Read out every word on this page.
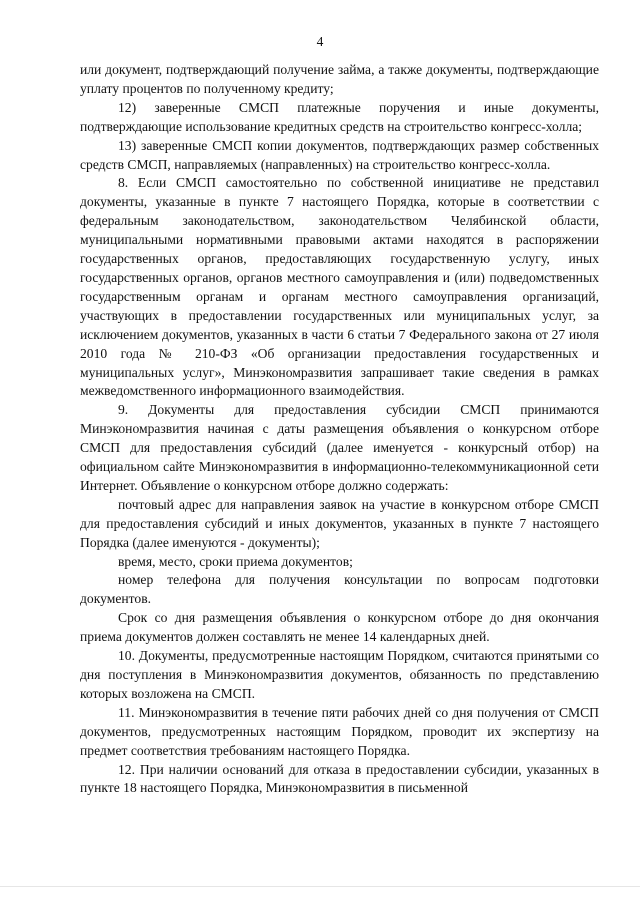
4

или документ, подтверждающий получение займа, а также документы, подтверждающие уплату процентов по полученному кредиту;

12) заверенные СМСП платежные поручения и иные документы, подтверждающие использование кредитных средств на строительство конгресс-холла;

13) заверенные СМСП копии документов, подтверждающих размер собственных средств СМСП, направляемых (направленных) на строительство конгресс-холла.

8. Если СМСП самостоятельно по собственной инициативе не представил документы, указанные в пункте 7 настоящего Порядка, которые в соответствии с федеральным законодательством, законодательством Челябинской области, муниципальными нормативными правовыми актами находятся в распоряжении государственных органов, предоставляющих государственную услугу, иных государственных органов, органов местного самоуправления и (или) подведомственных государственным органам и органам местного самоуправления организаций, участвующих в предоставлении государственных или муниципальных услуг, за исключением документов, указанных в части 6 статьи 7 Федерального закона от 27 июля 2010 года № 210-ФЗ «Об организации предоставления государственных и муниципальных услуг», Минэкономразвития запрашивает такие сведения в рамках межведомственного информационного взаимодействия.

9. Документы для предоставления субсидии СМСП принимаются Минэкономразвития начиная с даты размещения объявления о конкурсном отборе СМСП для предоставления субсидий (далее именуется - конкурсный отбор) на официальном сайте Минэкономразвития в информационно-телекоммуникационной сети Интернет. Объявление о конкурсном отборе должно содержать:

почтовый адрес для направления заявок на участие в конкурсном отборе СМСП для предоставления субсидий и иных документов, указанных в пункте 7 настоящего Порядка (далее именуются - документы);

время, место, сроки приема документов;

номер телефона для получения консультации по вопросам подготовки документов.

Срок со дня размещения объявления о конкурсном отборе до дня окончания приема документов должен составлять не менее 14 календарных дней.

10. Документы, предусмотренные настоящим Порядком, считаются принятыми со дня поступления в Минэкономразвития документов, обязанность по представлению которых возложена на СМСП.

11. Минэкономразвития в течение пяти рабочих дней со дня получения от СМСП документов, предусмотренных настоящим Порядком, проводит их экспертизу на предмет соответствия требованиям настоящего Порядка.

12. При наличии оснований для отказа в предоставлении субсидии, указанных в пункте 18 настоящего Порядка, Минэкономразвития в письменной
